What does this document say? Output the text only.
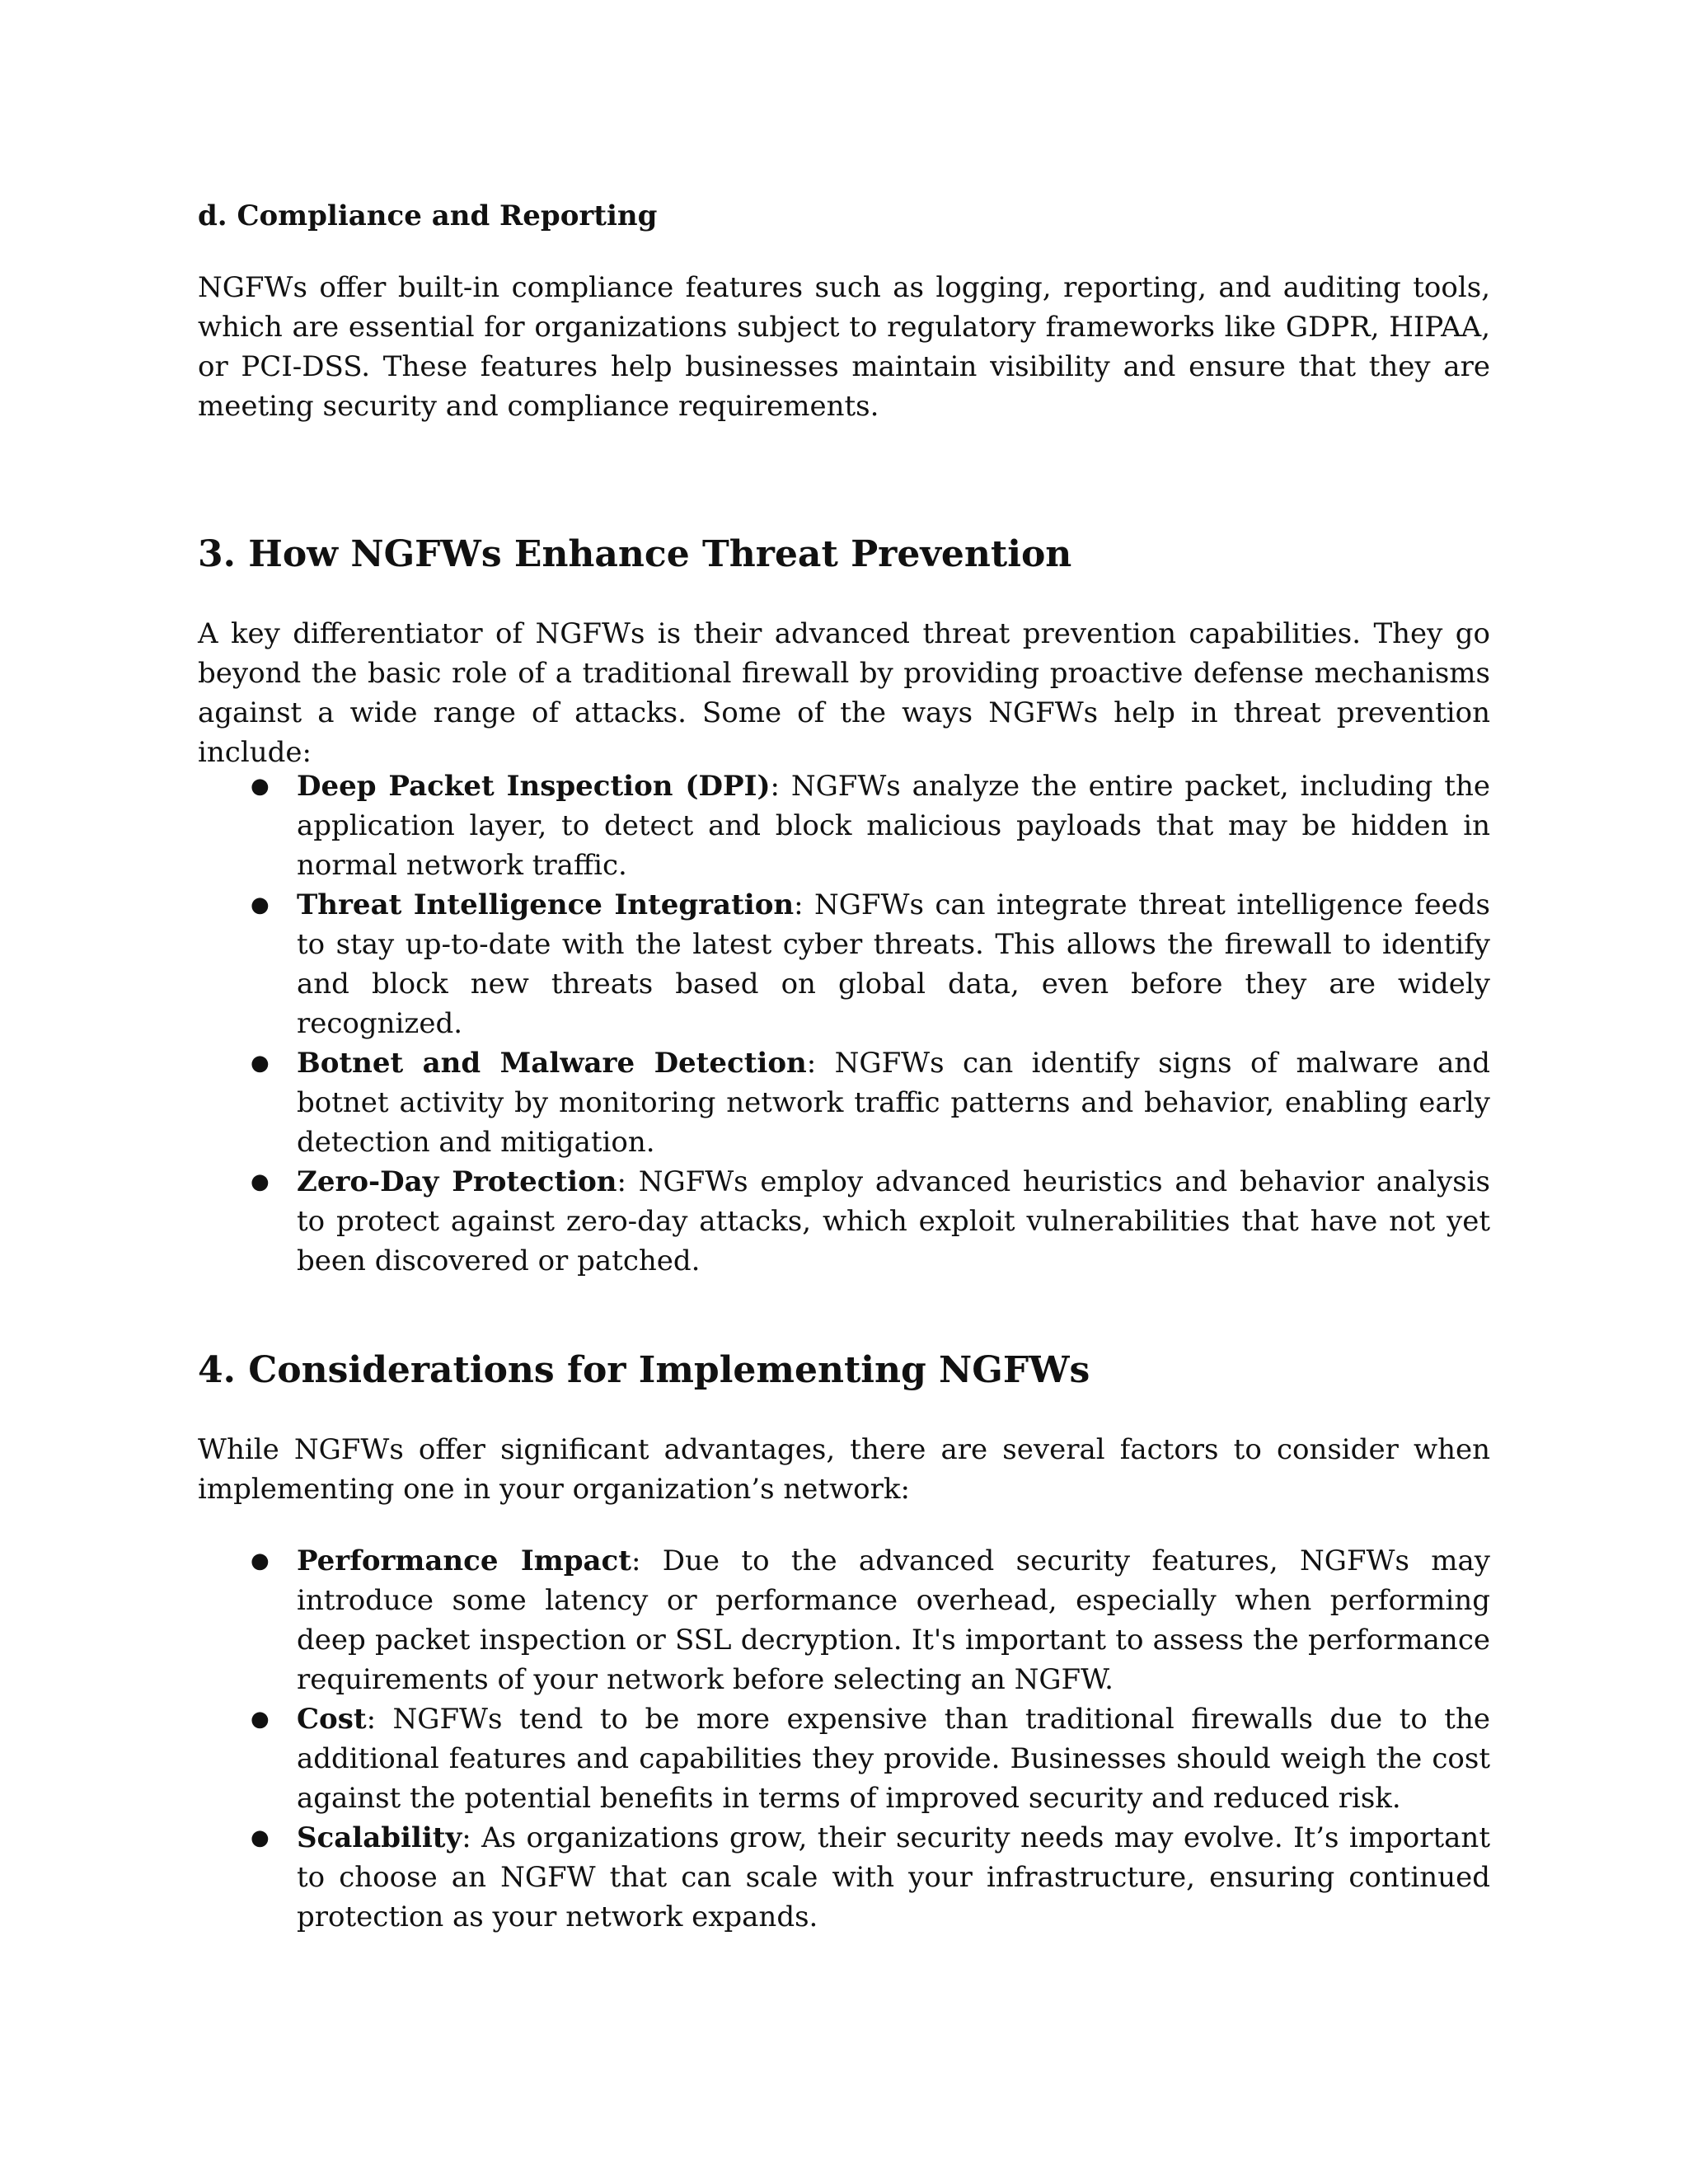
d. Compliance and Reporting

NGFWs offer built-in compliance features such as logging, reporting, and auditing tools, which are essential for organizations subject to regulatory frameworks like GDPR, HIPAA, or PCI-DSS. These features help businesses maintain visibility and ensure that they are meeting security and compliance requirements.

3. How NGFWs Enhance Threat Prevention

A key differentiator of NGFWs is their advanced threat prevention capabilities. They go beyond the basic role of a traditional firewall by providing proactive defense mechanisms against a wide range of attacks. Some of the ways NGFWs help in threat prevention include:

● Deep Packet Inspection (DPI): NGFWs analyze the entire packet, including the application layer, to detect and block malicious payloads that may be hidden in normal network traffic.
● Threat Intelligence Integration: NGFWs can integrate threat intelligence feeds to stay up-to-date with the latest cyber threats. This allows the firewall to identify and block new threats based on global data, even before they are widely recognized.
● Botnet and Malware Detection: NGFWs can identify signs of malware and botnet activity by monitoring network traffic patterns and behavior, enabling early detection and mitigation.
● Zero-Day Protection: NGFWs employ advanced heuristics and behavior analysis to protect against zero-day attacks, which exploit vulnerabilities that have not yet been discovered or patched.
4. Considerations for Implementing NGFWs

While NGFWs offer significant advantages, there are several factors to consider when implementing one in your organization’s network:

● Performance Impact: Due to the advanced security features, NGFWs may introduce some latency or performance overhead, especially when performing deep packet inspection or SSL decryption. It's important to assess the performance requirements of your network before selecting an NGFW.
● Cost: NGFWs tend to be more expensive than traditional firewalls due to the additional features and capabilities they provide. Businesses should weigh the cost against the potential benefits in terms of improved security and reduced risk.
● Scalability: As organizations grow, their security needs may evolve. It’s important to choose an NGFW that can scale with your infrastructure, ensuring continued protection as your network expands.
